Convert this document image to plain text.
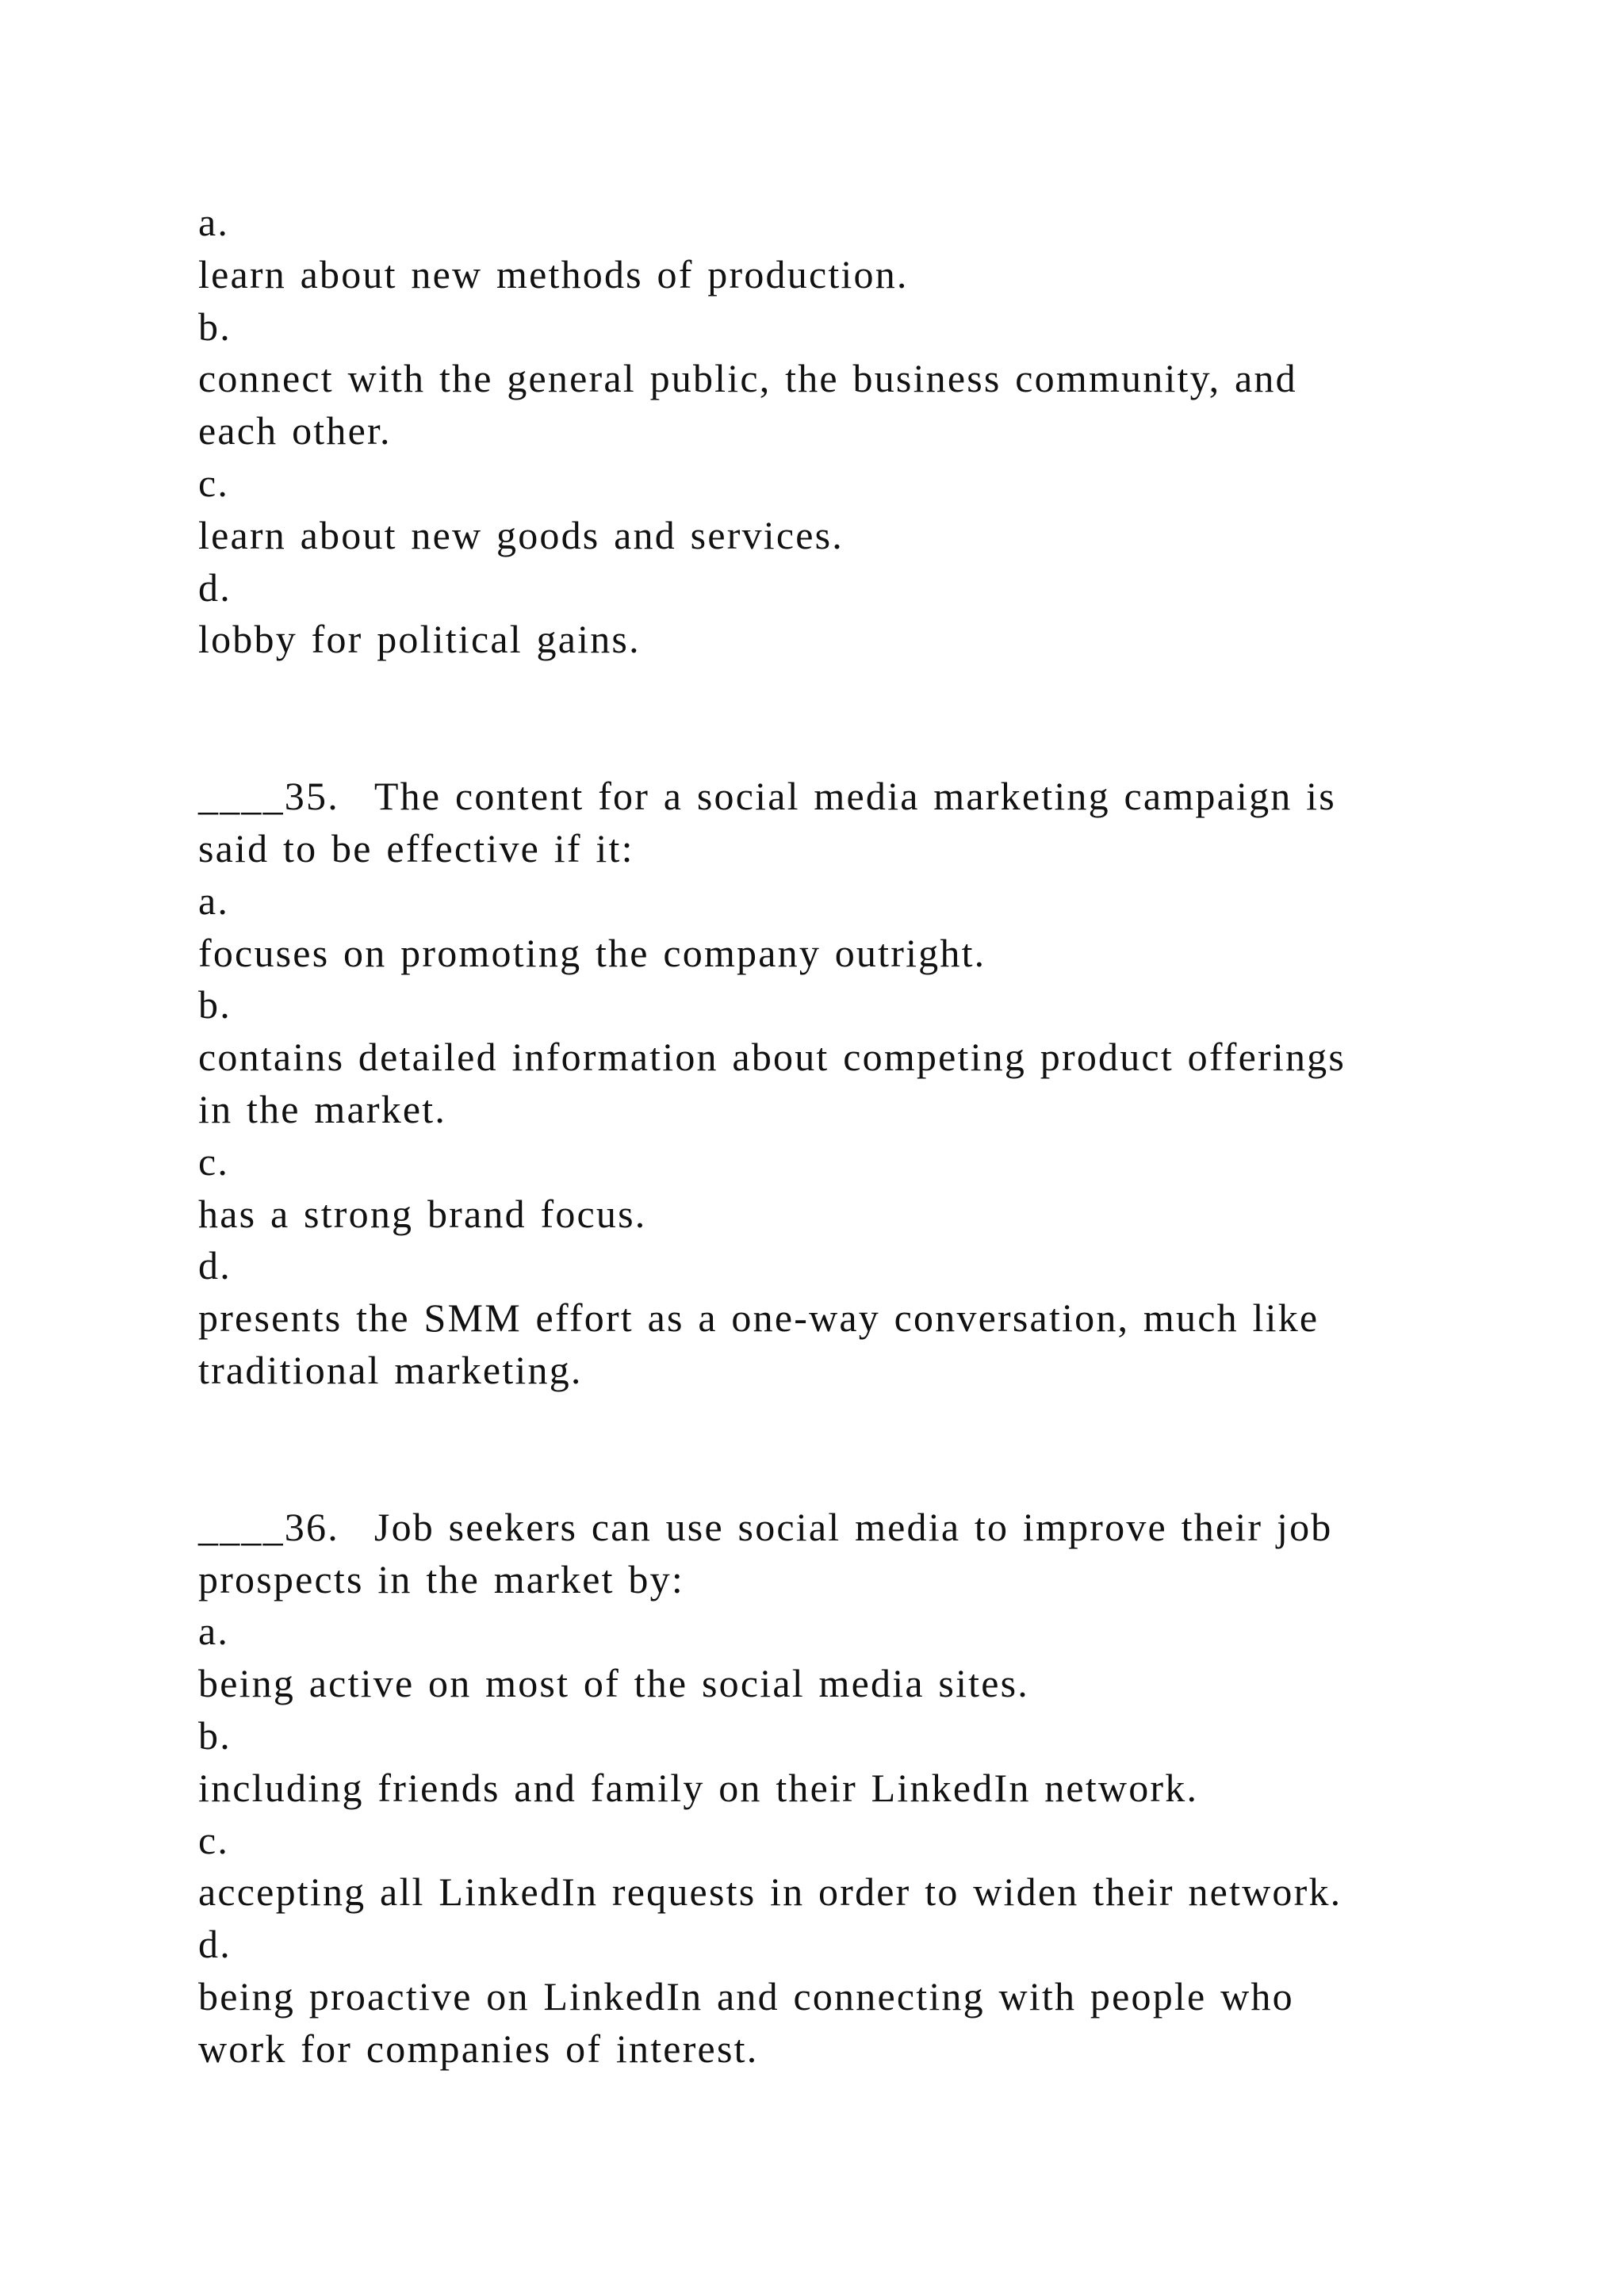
a.
learn about new methods of production.
b.
connect with the general public, the business community, and
each other.
c.
learn about new goods and services.
d.
lobby for political gains.
____35. The content for a social media marketing campaign is
said to be effective if it:
a.
focuses on promoting the company outright.
b.
contains detailed information about competing product offerings
in the market.
c.
has a strong brand focus.
d.
presents the SMM effort as a one-way conversation, much like
traditional marketing.
____36. Job seekers can use social media to improve their job
prospects in the market by:
a.
being active on most of the social media sites.
b.
including friends and family on their LinkedIn network.
c.
accepting all LinkedIn requests in order to widen their network.
d.
being proactive on LinkedIn and connecting with people who
work for companies of interest.
